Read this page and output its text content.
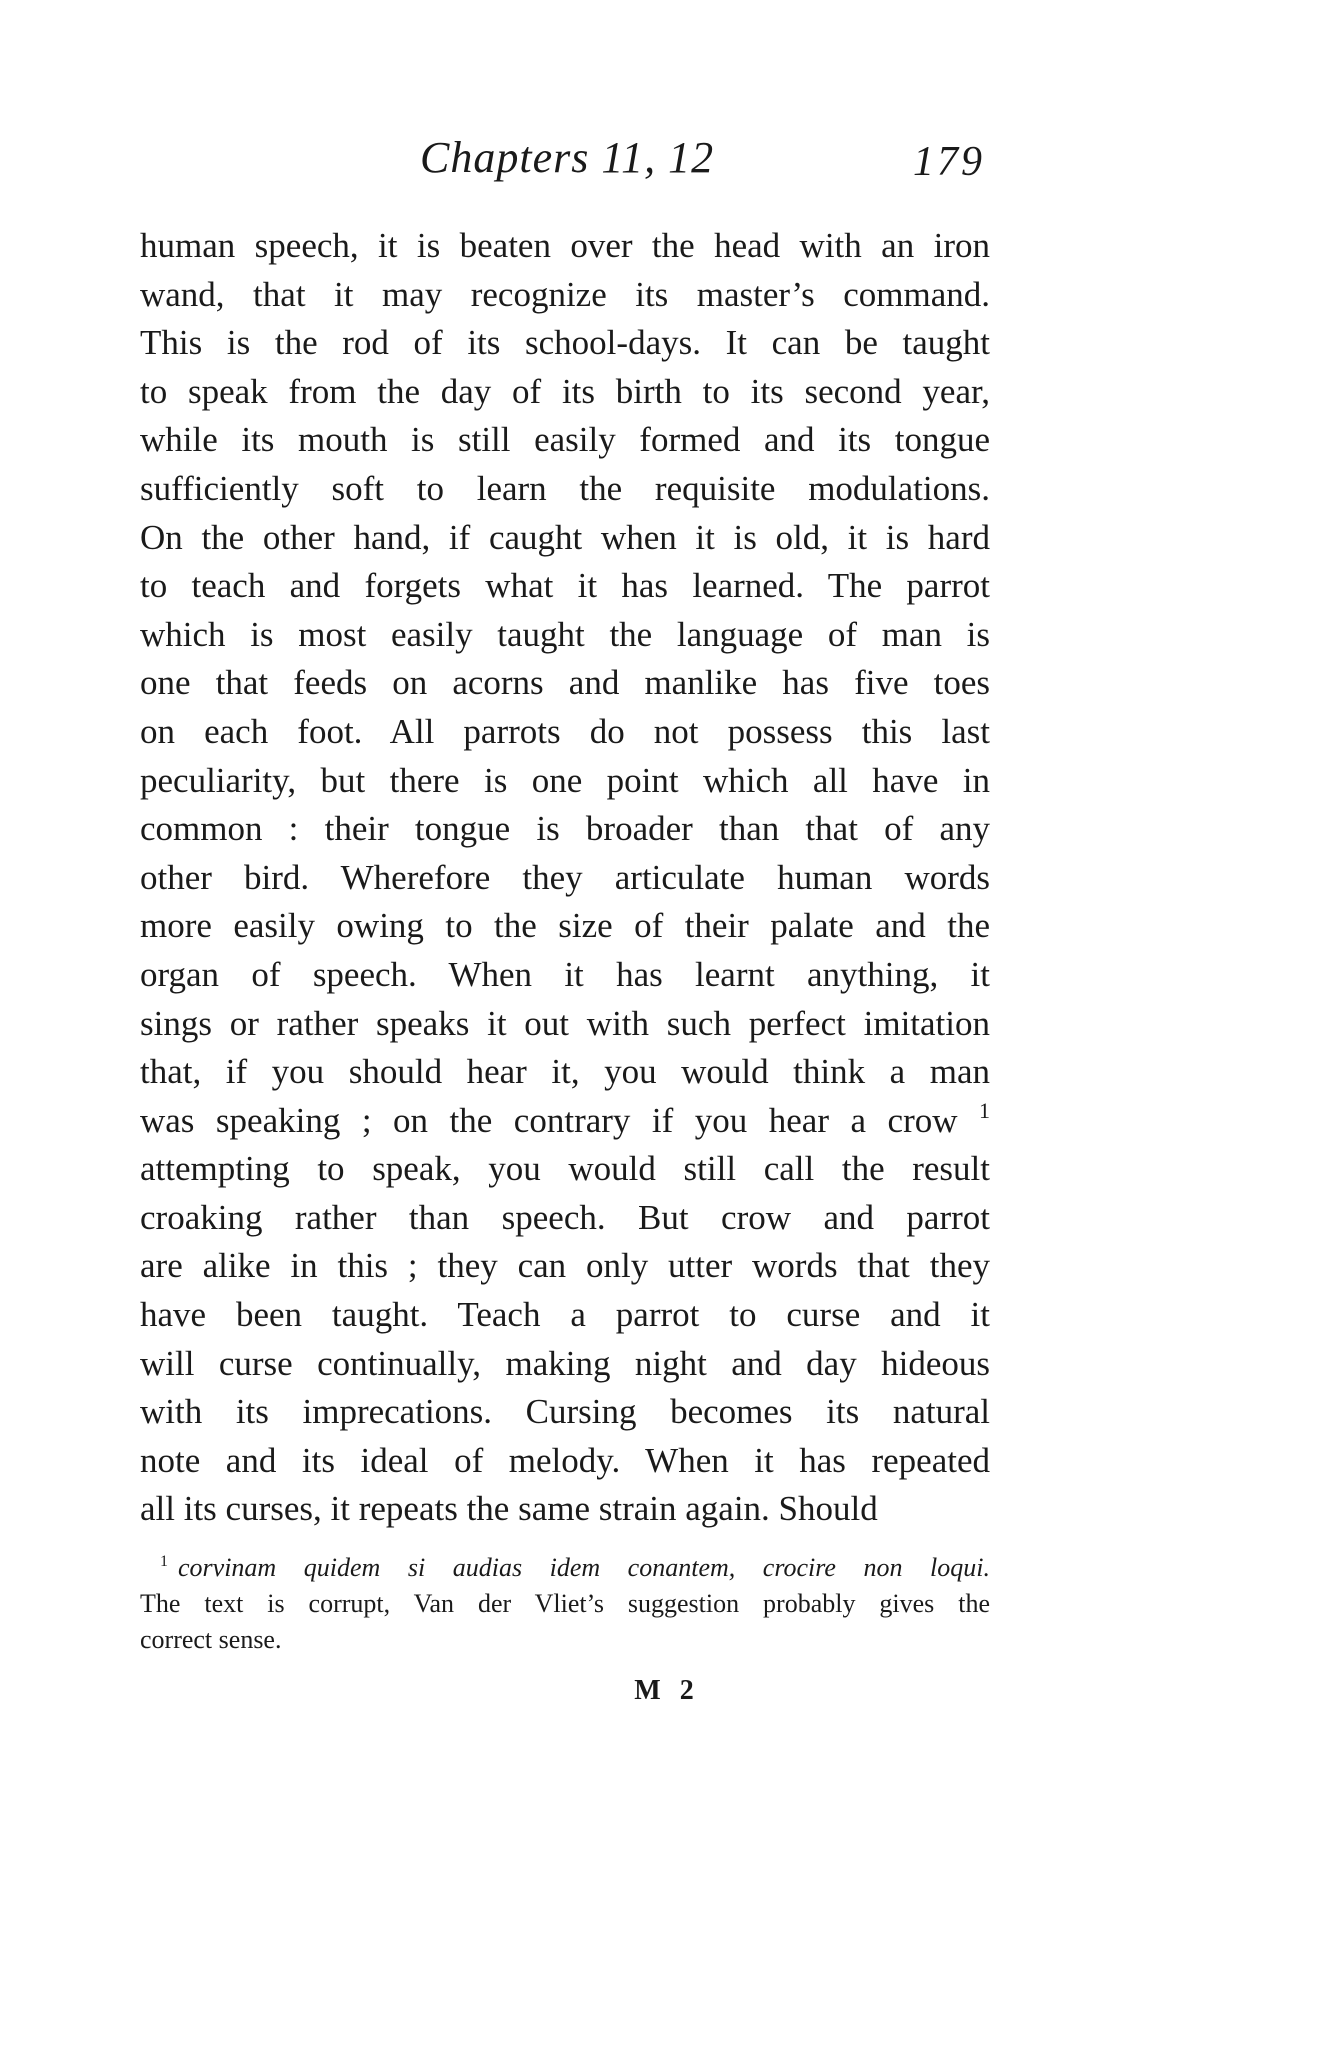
Chapters 11, 12	179
human speech, it is beaten over the head with an iron
wand, that it may recognize its master’s command.
This is the rod of its school-days. It can be taught
to speak from the day of its birth to its second year,
while its mouth is still easily formed and its tongue
sufficiently soft to learn the requisite modulations.
On the other hand, if caught when it is old, it is hard
to teach and forgets what it has learned. The parrot
which is most easily taught the language of man is
one that feeds on acorns and manlike has five toes
on each foot. All parrots do not possess this last
peculiarity, but there is one point which all have in
common : their tongue is broader than that of any
other bird. Wherefore they articulate human words
more easily owing to the size of their palate and the
organ of speech. When it has learnt anything, it
sings or rather speaks it out with such perfect imitation
that, if you should hear it, you would think a man
was speaking ; on the contrary if you hear a crow $^1$
attempting to speak, you would still call the result
croaking rather than speech. But crow and parrot
are alike in this ; they can only utter words that they
have been taught. Teach a parrot to curse and it
will curse continually, making night and day hideous
with its imprecations. Cursing becomes its natural
note and its ideal of melody. When it has repeated
all its curses, it repeats the same strain again. Should
$^1$ corvinam quidem si audias idem conantem, crocire non loqui.
The text is corrupt, Van der Vliet’s suggestion probably gives the
correct sense.
M 2
